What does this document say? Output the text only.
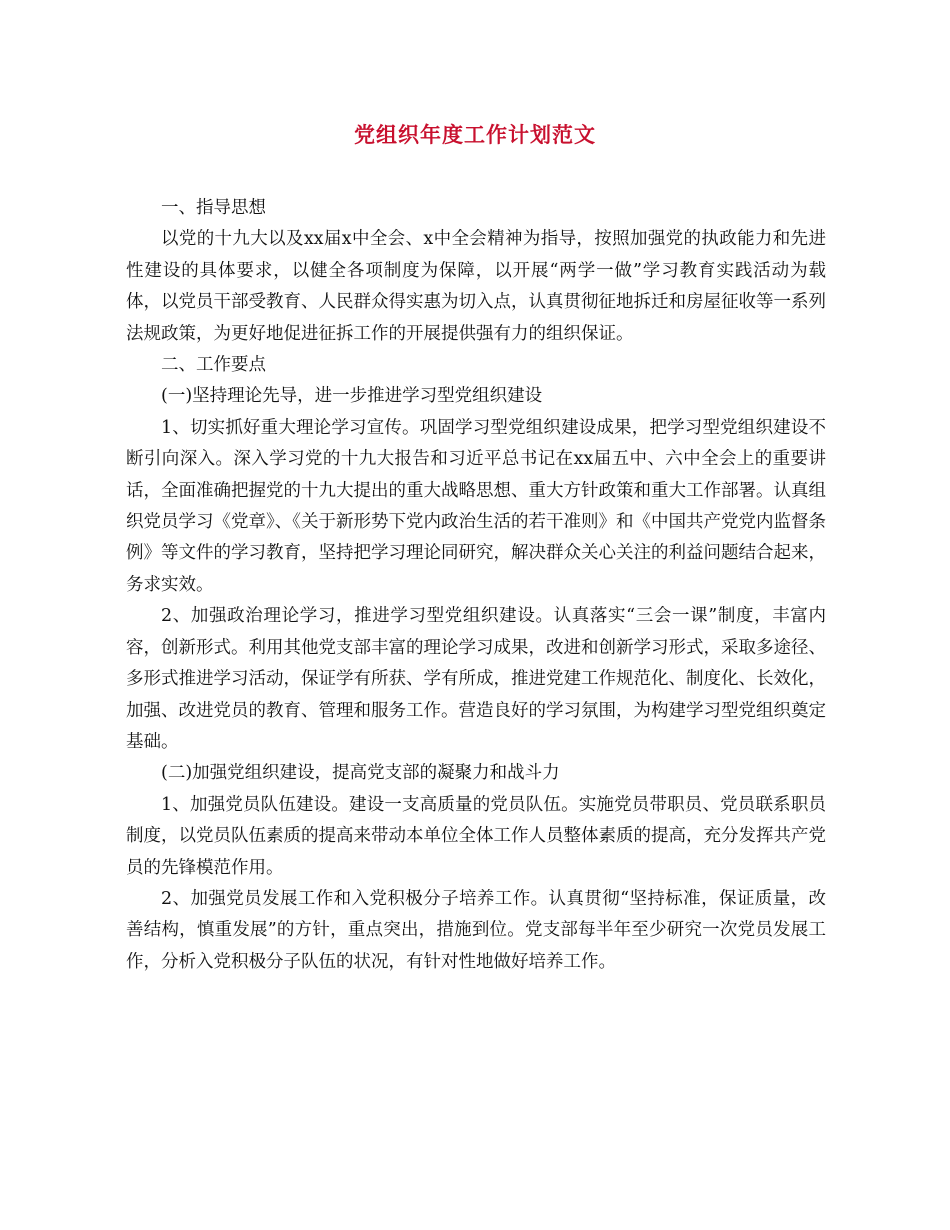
党组织年度工作计划范文

一、指导思想

以党的十九大以及xx届x中全会、x中全会精神为指导，按照加强党的执政能力和先进性建设的具体要求，以健全各项制度为保障，以开展“两学一做”学习教育实践活动为载体，以党员干部受教育、人民群众得实惠为切入点，认真贯彻征地拆迁和房屋征收等一系列法规政策，为更好地促进征拆工作的开展提供强有力的组织保证。

二、工作要点

(一)坚持理论先导，进一步推进学习型党组织建设

1、切实抓好重大理论学习宣传。巩固学习型党组织建设成果，把学习型党组织建设不断引向深入。深入学习党的十九大报告和习近平总书记在xx届五中、六中全会上的重要讲话，全面准确把握党的十九大提出的重大战略思想、重大方针政策和重大工作部署。认真组织党员学习《党章》、《关于新形势下党内政治生活的若干准则》和《中国共产党党内监督条例》等文件的学习教育，坚持把学习理论同研究，解决群众关心关注的利益问题结合起来，务求实效。

2、加强政治理论学习，推进学习型党组织建设。认真落实“三会一课”制度，丰富内容，创新形式。利用其他党支部丰富的理论学习成果，改进和创新学习形式，采取多途径、多形式推进学习活动，保证学有所获、学有所成，推进党建工作规范化、制度化、长效化，加强、改进党员的教育、管理和服务工作。营造良好的学习氛围，为构建学习型党组织奠定基础。

(二)加强党组织建设，提高党支部的凝聚力和战斗力

1、加强党员队伍建设。建设一支高质量的党员队伍。实施党员带职员、党员联系职员制度，以党员队伍素质的提高来带动本单位全体工作人员整体素质的提高，充分发挥共产党员的先锋模范作用。

2、加强党员发展工作和入党积极分子培养工作。认真贯彻“坚持标准，保证质量，改善结构，慎重发展”的方针，重点突出，措施到位。党支部每半年至少研究一次党员发展工作，分析入党积极分子队伍的状况，有针对性地做好培养工作。
